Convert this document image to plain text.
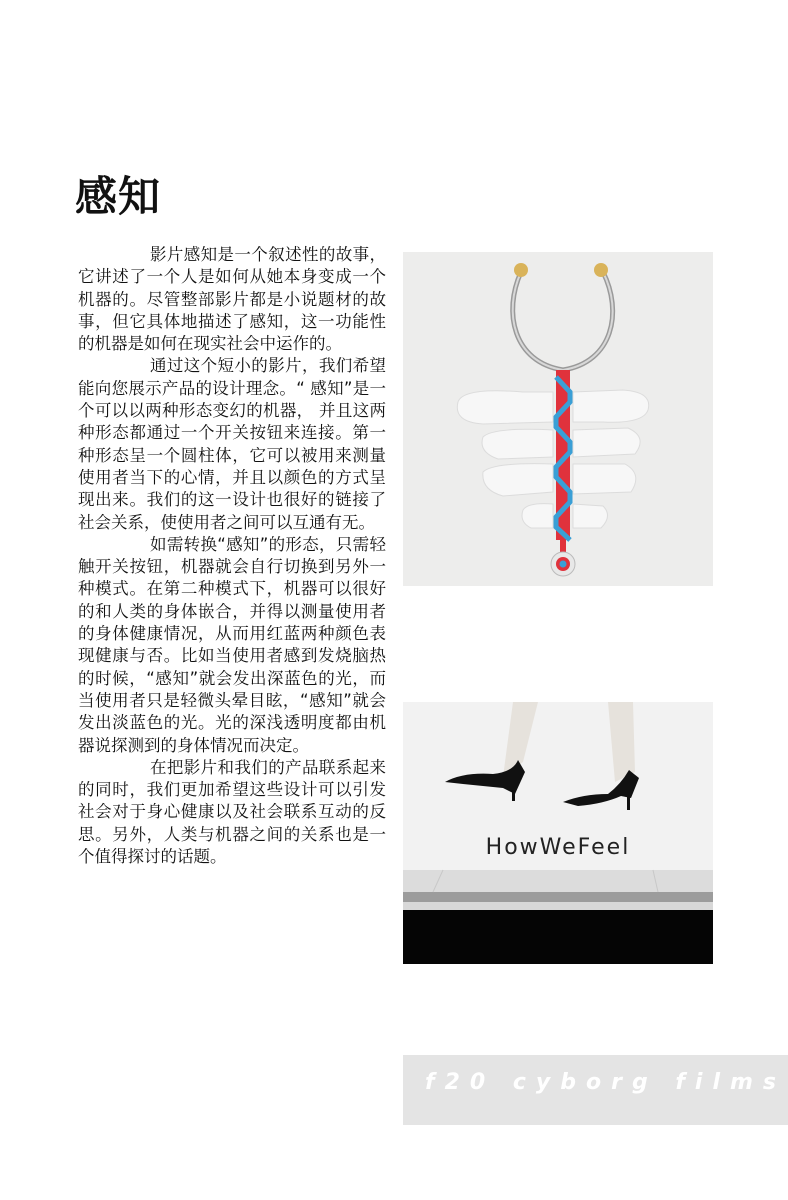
感知

影片感知是一个叙述性的故事，它讲述了一个人是如何从她本身变成一个机器的。尽管整部影片都是小说题材的故事，但它具体地描述了感知，这一功能性的机器是如何在现实社会中运作的。

通过这个短小的影片，我们希望能向您展示产品的设计理念。“ 感知”是一个可以以两种形态变幻的机器， 并且这两种形态都通过一个开关按钮来连接。第一种形态呈一个圆柱体，它可以被用来测量使用者当下的心情，并且以颜色的方式呈现出来。我们的这一设计也很好的链接了社会关系，使使用者之间可以互通有无。

如需转换“感知”的形态，只需轻触开关按钮，机器就会自行切换到另外一种模式。在第二种模式下，机器可以很好的和人类的身体嵌合，并得以测量使用者的身体健康情况，从而用红蓝两种颜色表现健康与否。比如当使用者感到发烧脑热的时候，“感知”就会发出深蓝色的光，而当使用者只是轻微头晕目眩，“感知”就会发出淡蓝色的光。光的深浅透明度都由机器说探测到的身体情况而决定。

在把影片和我们的产品联系起来的同时，我们更加希望这些设计可以引发社会对于身心健康以及社会联系互动的反思。另外，人类与机器之间的关系也是一个值得探讨的话题。	HowWeFeel
f20 cyborg films
